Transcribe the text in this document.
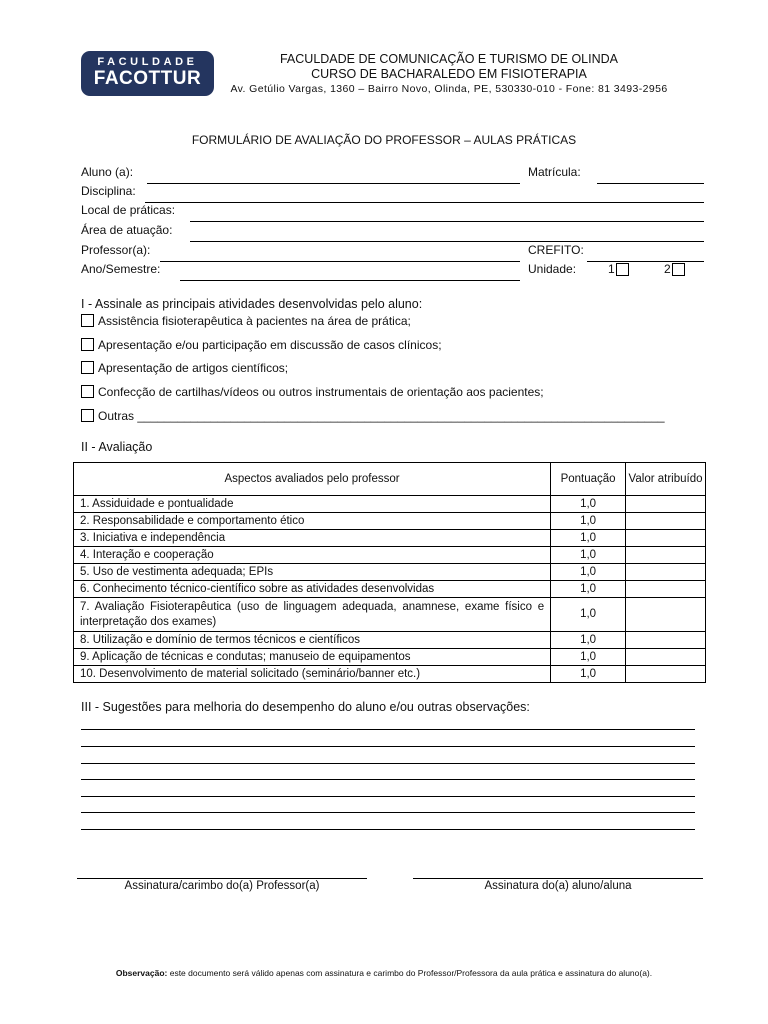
FACULDADE
FACOTTUR
FACULDADE DE COMUNICAÇÃO E TURISMO DE OLINDA
CURSO DE BACHARALEDO EM FISIOTERAPIA
Av. Getúlio Vargas, 1360 – Bairro Novo, Olinda, PE, 530330-010 - Fone: 81 3493-2956
FORMULÁRIO DE AVALIAÇÃO DO PROFESSOR – AULAS PRÁTICAS
Aluno (a):	Matrícula:
Disciplina:
Local de práticas:
Área de atuação:
Professor(a):	CREFITO:
Ano/Semestre:	Unidade:	1	2
I - Assinale as principais atividades desenvolvidas pelo aluno:
Assistência fisioterapêutica à pacientes na área de prática;
Apresentação e/ou participação em discussão de casos clínicos;
Apresentação de artigos científicos;
Confecção de cartilhas/vídeos ou outros instrumentais de orientação aos pacientes;
Outras _______________________________________________________________________________
II - Avaliação
Aspectos avaliados pelo professor	Pontuação	Valor atribuído
1. Assiduidade e pontualidade	1,0	
2. Responsabilidade e comportamento ético	1,0	
3. Iniciativa e independência	1,0	
4. Interação e cooperação	1,0	
5. Uso de vestimenta adequada; EPIs	1,0	
6. Conhecimento técnico-científico sobre as atividades desenvolvidas	1,0	
7. Avaliação Fisioterapêutica (uso de linguagem adequada, anamnese, exame físico e interpretação dos exames)	1,0	
8. Utilização e domínio de termos técnicos e científicos	1,0	
9. Aplicação de técnicas e condutas; manuseio de equipamentos	1,0	
10. Desenvolvimento de material solicitado (seminário/banner etc.)	1,0	
III - Sugestões para melhoria do desempenho do aluno e/ou outras observações:
Assinatura/carimbo do(a) Professor(a)	Assinatura do(a) aluno/aluna
Observação: este documento será válido apenas com assinatura e carimbo do Professor/Professora da aula prática e assinatura do aluno(a).
